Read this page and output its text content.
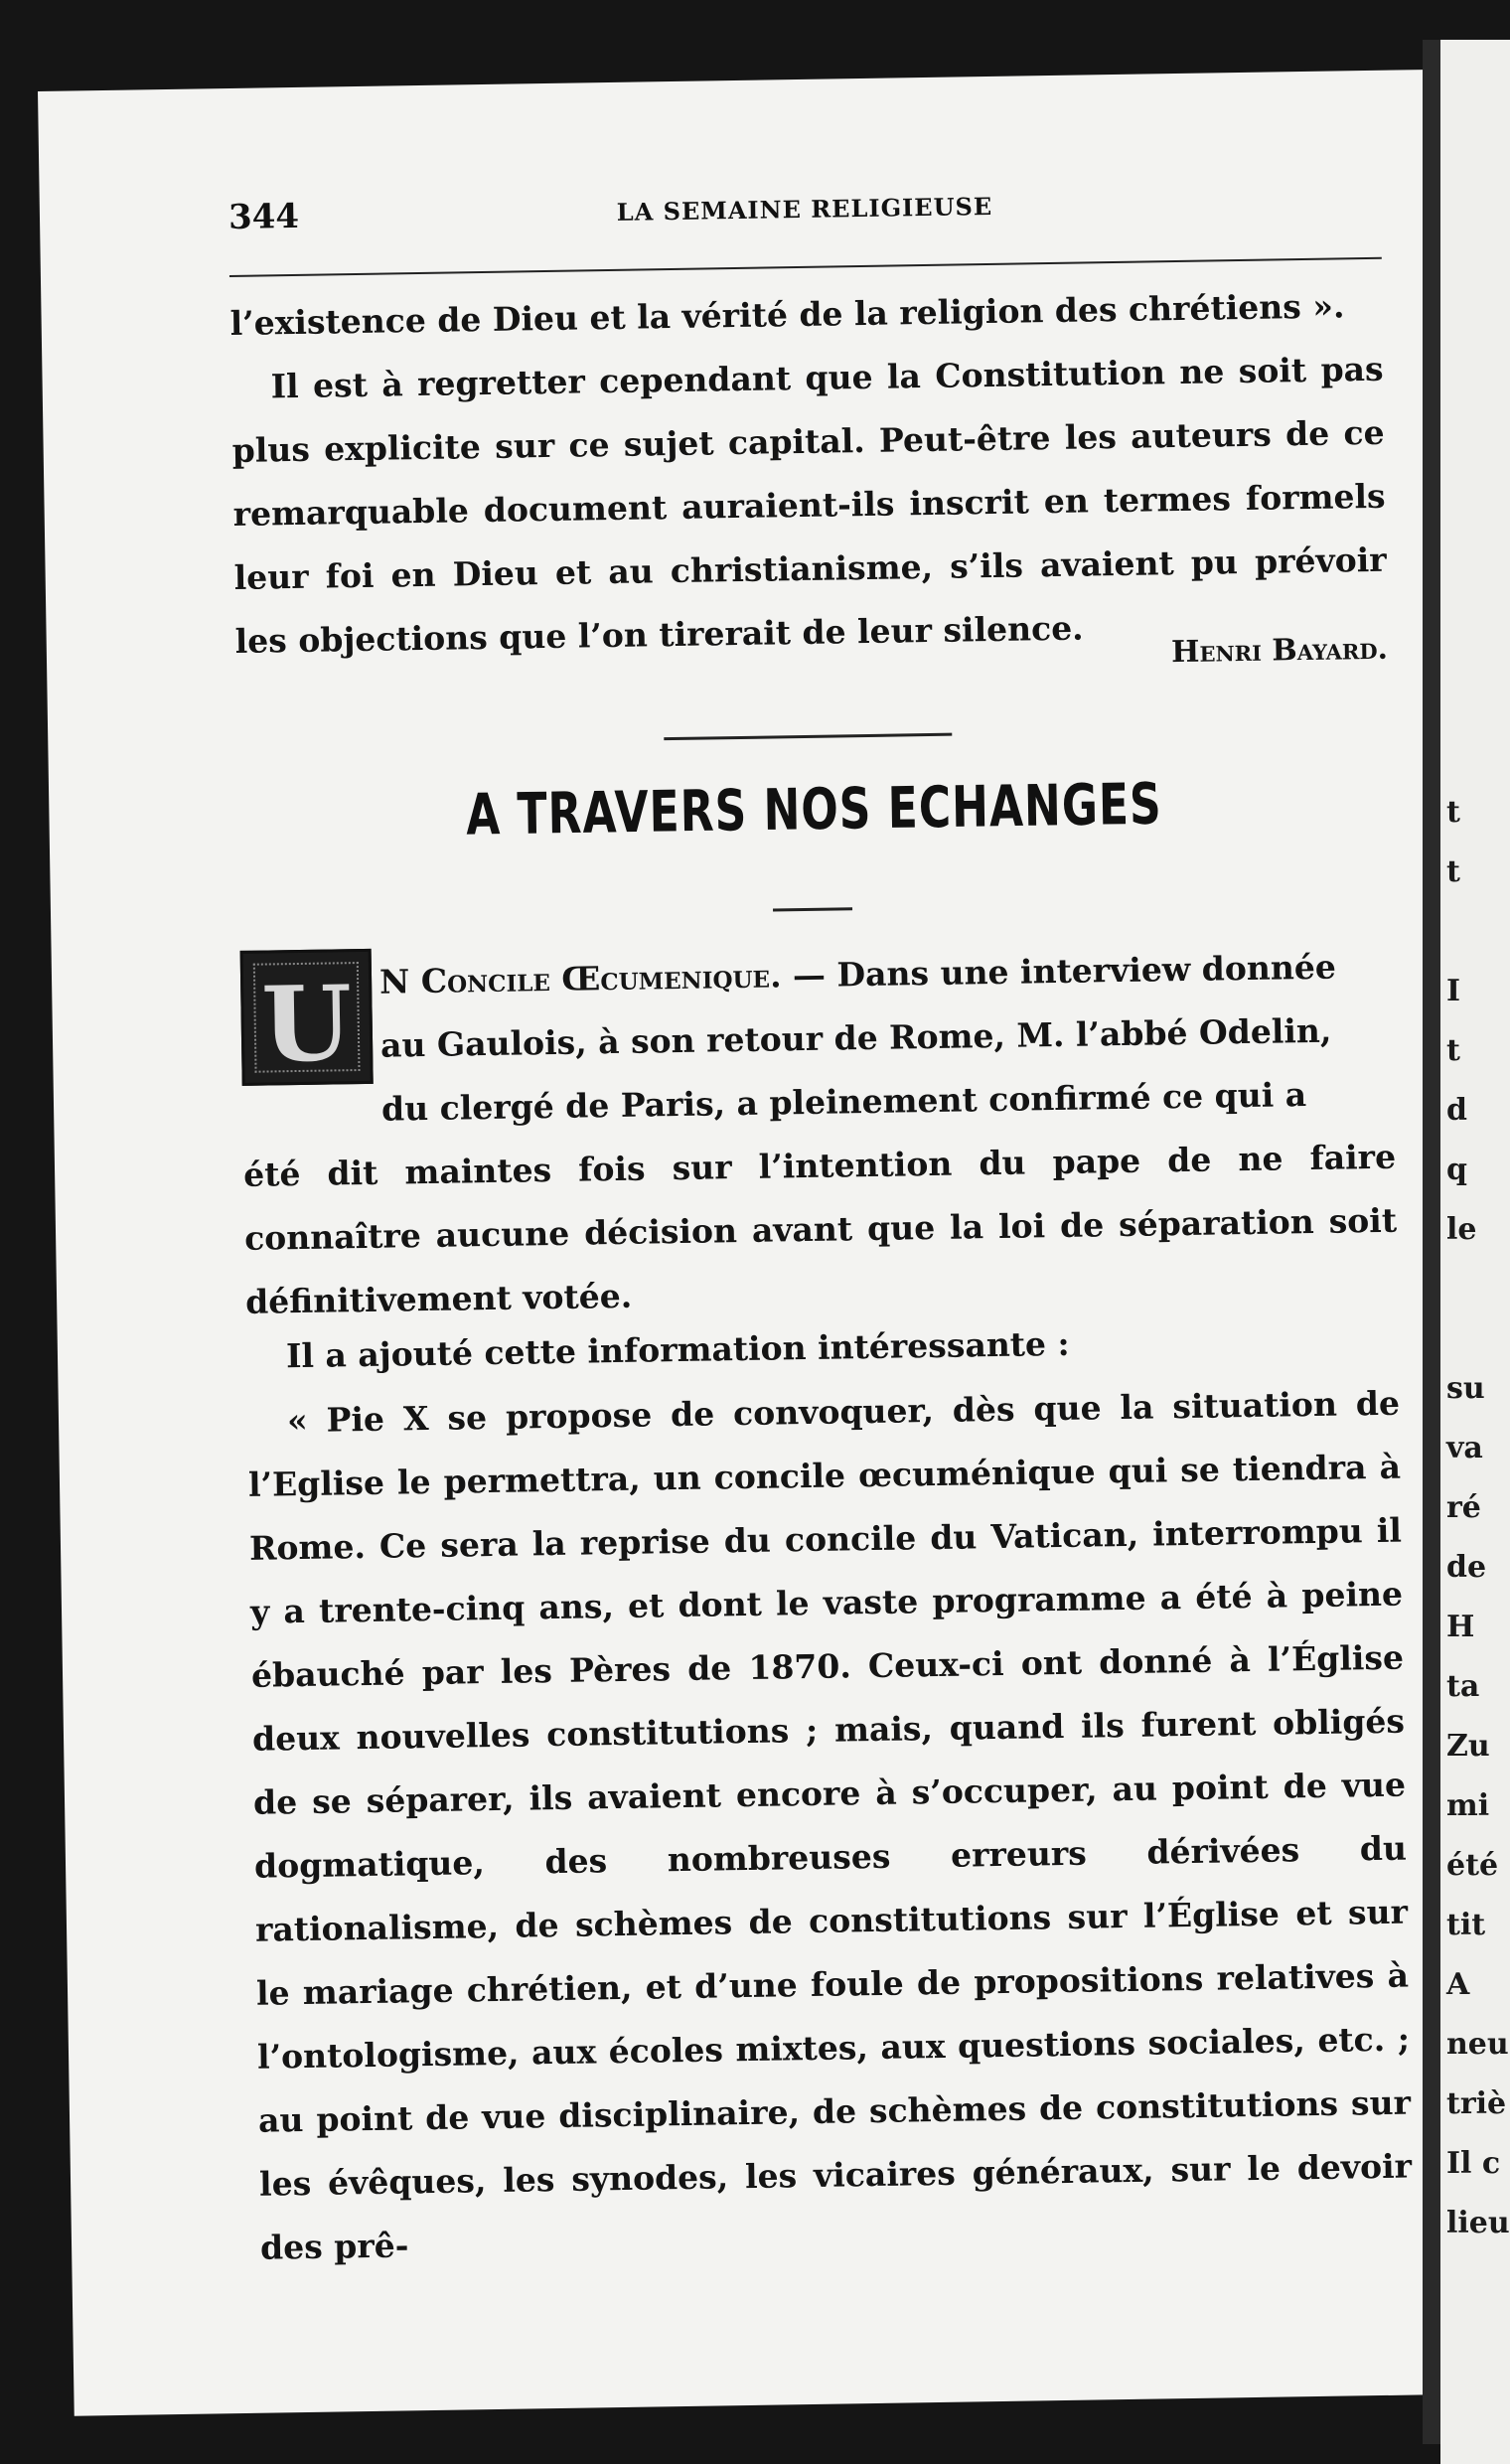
344	LA SEMAINE RELIGIEUSE

l’existence de Dieu et la vérité de la religion des chrétiens ».

Il est à regretter cependant que la Constitution ne soit pas plus explicite sur ce sujet capital. Peut-être les auteurs de ce remarquable document auraient-ils inscrit en termes formels leur foi en Dieu et au christianisme, s’ils avaient pu prévoir les objections que l’on tirerait de leur silence.	Henri Bayard.
A TRAVERS NOS ECHANGES
U N Concile Œcumenique. — Dans une interview donnée
au Gaulois, à son retour de Rome, M. l’abbé Odelin,
du clergé de Paris, a pleinement confirmé ce qui a
été dit maintes fois sur l’intention du pape de ne faire connaître aucune décision avant que la loi de séparation soit définitivement votée.
Il a ajouté cette information intéressante :
« Pie X se propose de convoquer, dès que la situation de l’Eglise le permettra, un concile œcuménique qui se tiendra à Rome. Ce sera la reprise du concile du Vatican, interrompu il y a trente-cinq ans, et dont le vaste programme a été à peine ébauché par les Pères de 1870. Ceux-ci ont donné à l’Église deux nouvelles constitutions ; mais, quand ils furent obligés de se séparer, ils avaient encore à s’occuper, au point de vue dogmatique, des nombreuses erreurs dérivées du rationalisme, de schèmes de constitutions sur l’Église et sur le mariage chrétien, et d’une foule de propositions relatives à l’ontologisme, aux écoles mixtes, aux questions sociales, etc. ; au point de vue disciplinaire, de schèmes de constitutions sur les évêques, les synodes, les vicaires généraux, sur le devoir des prê-
t
t
I
t
d
q
le
su
va
ré
de
H
ta
Zu
mi
été
tit
A
neu
triè
Il c
lieu
